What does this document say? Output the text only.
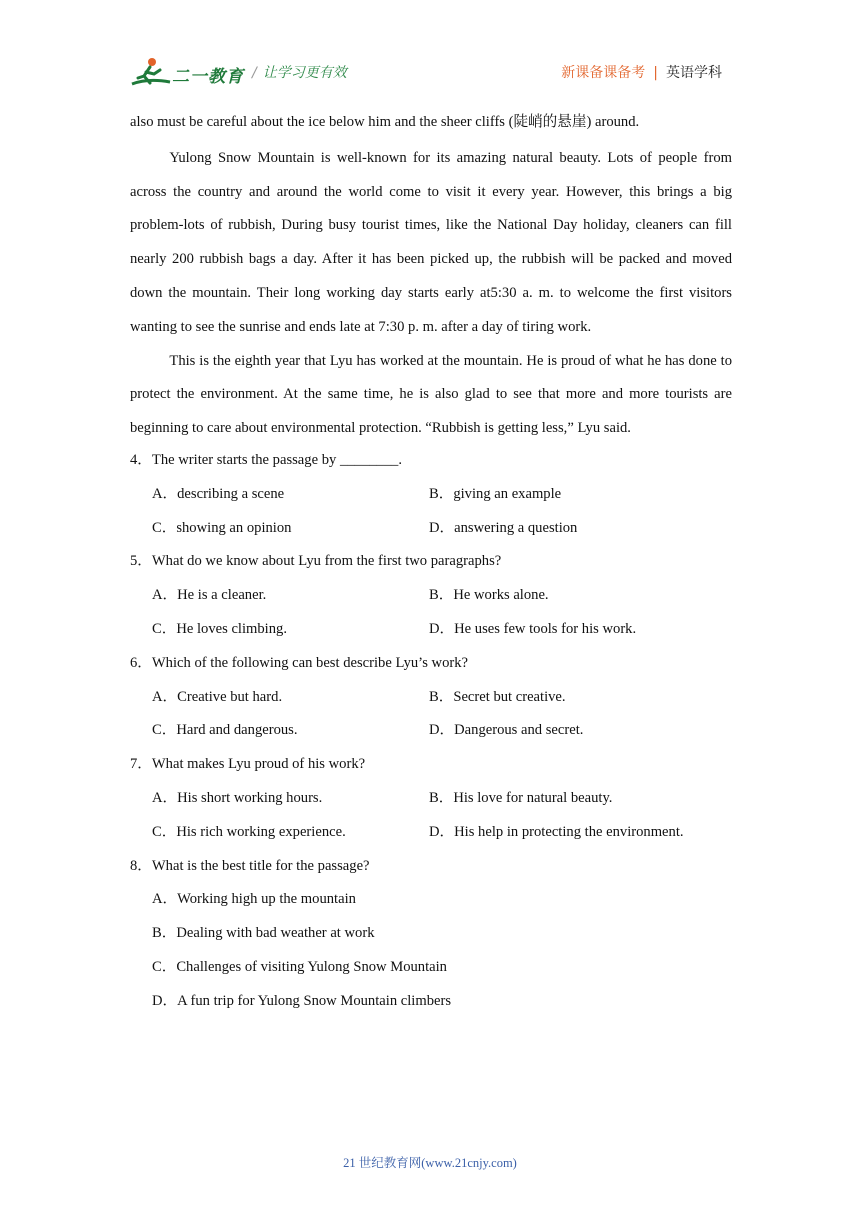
二一教育 / 让学习更有效	新课备课备考 | 英语学科
also must be careful about the ice below him and the sheer cliffs (陡峭的悬崖) around.

Yulong Snow Mountain is well-known for its amazing natural beauty. Lots of people from across the country and around the world come to visit it every year. However, this brings a big problem-lots of rubbish, During busy tourist times, like the National Day holiday, cleaners can fill nearly 200 rubbish bags a day. After it has been picked up, the rubbish will be packed and moved down the mountain. Their long working day starts early at5:30 a. m. to welcome the first visitors wanting to see the sunrise and ends late at 7:30 p. m. after a day of tiring work.

This is the eighth year that Lyu has worked at the mountain. He is proud of what he has done to protect the environment. At the same time, he is also glad to see that more and more tourists are beginning to care about environmental protection. “Rubbish is getting less,” Lyu said.

4．The writer starts the passage by ________.
A．describing a scene	B．giving an example
C．showing an opinion	D．answering a question
5．What do we know about Lyu from the first two paragraphs?
A．He is a cleaner.	B．He works alone.
C．He loves climbing.	D．He uses few tools for his work.
6．Which of the following can best describe Lyu’s work?
A．Creative but hard.	B．Secret but creative.
C．Hard and dangerous.	D．Dangerous and secret.
7．What makes Lyu proud of his work?
A．His short working hours.	B．His love for natural beauty.
C．His rich working experience.	D．His help in protecting the environment.
8．What is the best title for the passage?
A．Working high up the mountain
B．Dealing with bad weather at work
C．Challenges of visiting Yulong Snow Mountain
D．A fun trip for Yulong Snow Mountain climbers
21 世纪教育网(www.21cnjy.com)
